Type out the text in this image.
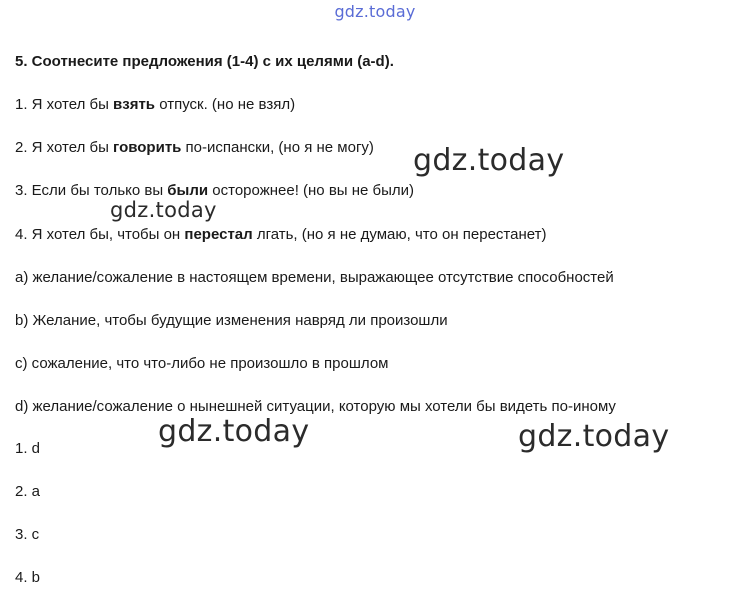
gdz.today
5. Соотнесите предложения (1-4) с их целями (a-d).
1. Я хотел бы взять отпуск. (но не взял)
2. Я хотел бы говорить по-испански, (но я не могу)
3. Если бы только вы были осторожнее! (но вы не были)
4. Я хотел бы, чтобы он перестал лгать, (но я не думаю, что он перестанет)
a) желание/сожаление в настоящем времени, выражающее отсутствие способностей
b) Желание, чтобы будущие изменения навряд ли произошли
c) сожаление, что что-либо не произошло в прошлом
d) желание/сожаление о нынешней ситуации, которую мы хотели бы видеть по-иному
1. d
2. a
3. c
4. b
gdz.today
gdz.today
gdz.today	gdz.today
